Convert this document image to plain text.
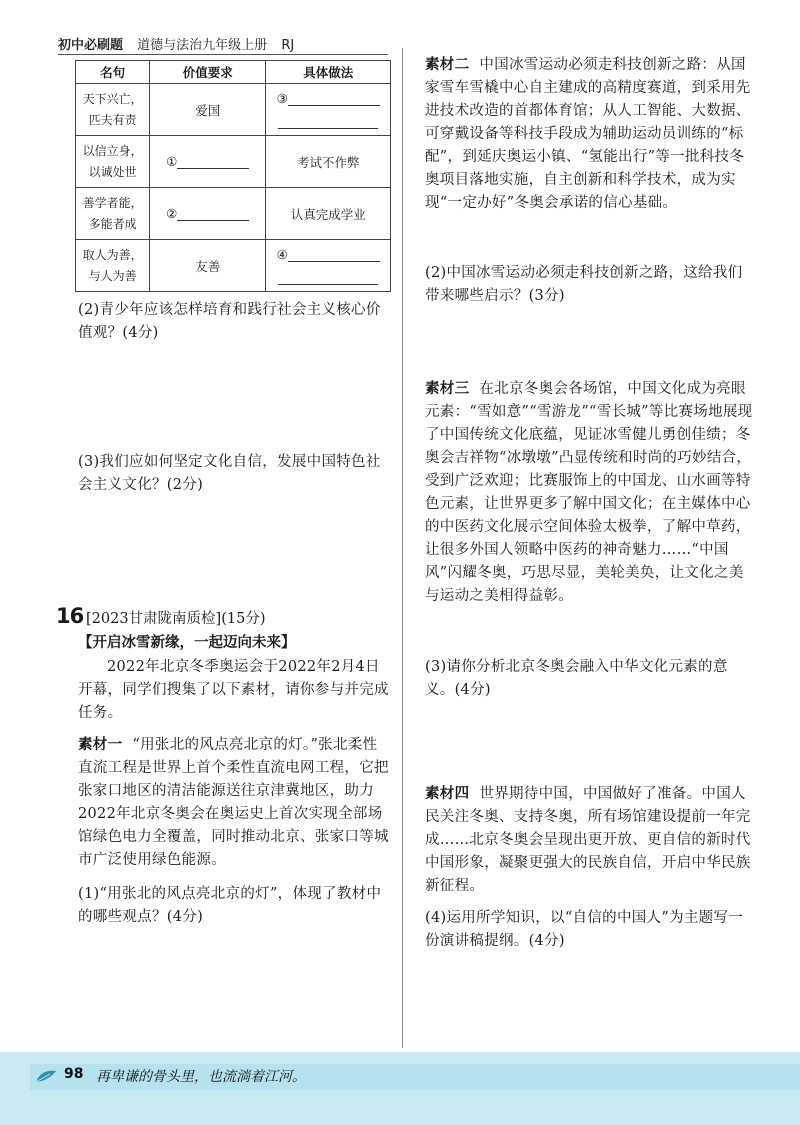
初中必刷题 道德与法治九年级上册 RJ
名句	价值要求	具体做法
天下兴亡，
匹夫有责	爱国	③

以信立身，
以诚处世	①	考试不作弊
善学者能，
多能者成	②	认真完成学业
取人为善，
与人为善	友善	④
(2)青少年应该怎样培育和践行社会主义核心价值观？(4分)
(3)我们应如何坚定文化自信，发展中国特色社会主义文化？(2分)
16 [2023甘肃陇南质检](15分)
【开启冰雪新缘，一起迈向未来】
2022年北京冬季奥运会于2022年2月4日开幕，同学们搜集了以下素材，请你参与并完成任务。
素材一 “用张北的风点亮北京的灯。”张北柔性直流工程是世界上首个柔性直流电网工程，它把张家口地区的清洁能源送往京津冀地区，助力2022年北京冬奥会在奥运史上首次实现全部场馆绿色电力全覆盖，同时推动北京、张家口等城市广泛使用绿色能源。
(1)“用张北的风点亮北京的灯”，体现了教材中的哪些观点？(4分)
素材二 中国冰雪运动必须走科技创新之路：从国家雪车雪橇中心自主建成的高精度赛道，到采用先进技术改造的首都体育馆；从人工智能、大数据、可穿戴设备等科技手段成为辅助运动员训练的“标配”，到延庆奥运小镇、“氢能出行”等一批科技冬奥项目落地实施，自主创新和科学技术，成为实现“一定办好”冬奥会承诺的信心基础。
(2)中国冰雪运动必须走科技创新之路，这给我们带来哪些启示？(3分)
素材三 在北京冬奥会各场馆，中国文化成为亮眼元素：“雪如意”“雪游龙”“雪长城”等比赛场地展现了中国传统文化底蕴，见证冰雪健儿勇创佳绩；冬奥会吉祥物“冰墩墩”凸显传统和时尚的巧妙结合，受到广泛欢迎；比赛服饰上的中国龙、山水画等特色元素，让世界更多了解中国文化；在主媒体中心的中医药文化展示空间体验太极拳，了解中草药，让很多外国人领略中医药的神奇魅力……“中国风”闪耀冬奥，巧思尽显，美轮美奂，让文化之美与运动之美相得益彰。
(3)请你分析北京冬奥会融入中华文化元素的意义。(4分)
素材四 世界期待中国，中国做好了准备。中国人民关注冬奥、支持冬奥，所有场馆建设提前一年完成……北京冬奥会呈现出更开放、更自信的新时代中国形象，凝聚更强大的民族自信，开启中华民族新征程。
(4)运用所学知识，以“自信的中国人”为主题写一份演讲稿提纲。(4分)
98 再卑谦的骨头里，也流淌着江河。
